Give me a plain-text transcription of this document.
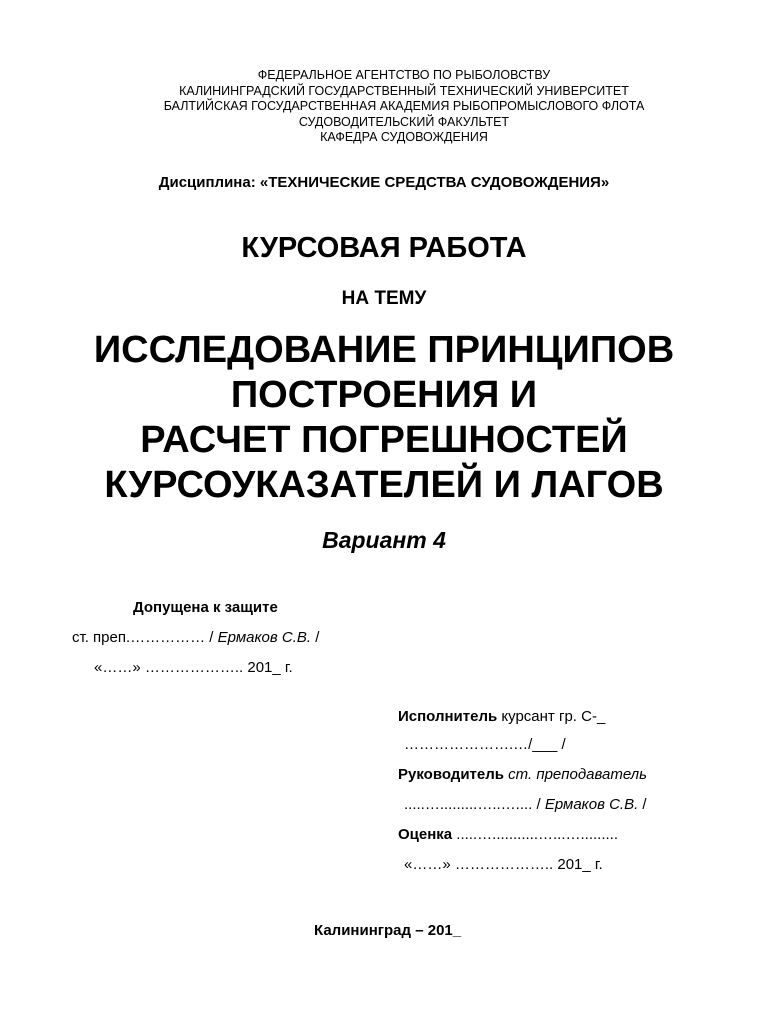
ФЕДЕРАЛЬНОЕ АГЕНТСТВО ПО РЫБОЛОВСТВУ
КАЛИНИНГРАДСКИЙ ГОСУДАРСТВЕННЫЙ ТЕХНИЧЕСКИЙ УНИВЕРСИТЕТ
БАЛТИЙСКАЯ ГОСУДАРСТВЕННАЯ АКАДЕМИЯ РЫБОПРОМЫСЛОВОГО ФЛОТА
СУДОВОДИТЕЛЬСКИЙ ФАКУЛЬТЕТ
КАФЕДРА СУДОВОЖДЕНИЯ
Дисциплина: «ТЕХНИЧЕСКИЕ СРЕДСТВА СУДОВОЖДЕНИЯ»
КУРСОВАЯ РАБОТА
НА ТЕМУ
ИССЛЕДОВАНИЕ ПРИНЦИПОВ
ПОСТРОЕНИЯ И
РАСЧЕТ ПОГРЕШНОСТЕЙ
КУРСОУКАЗАТЕЛЕЙ И ЛАГОВ
Вариант 4
Допущена к защите
ст. преп.…………… / Ермаков С.В. /
«……» ……………….. 201_ г.
Исполнитель курсант гр. С-_
………………….…/___ /
Руководитель ст. преподаватель
.....….........…..….... / Ермаков С.В. /
Оценка .....…...........…...….........
«……» ……………….. 201_ г.
Калининград – 201_
